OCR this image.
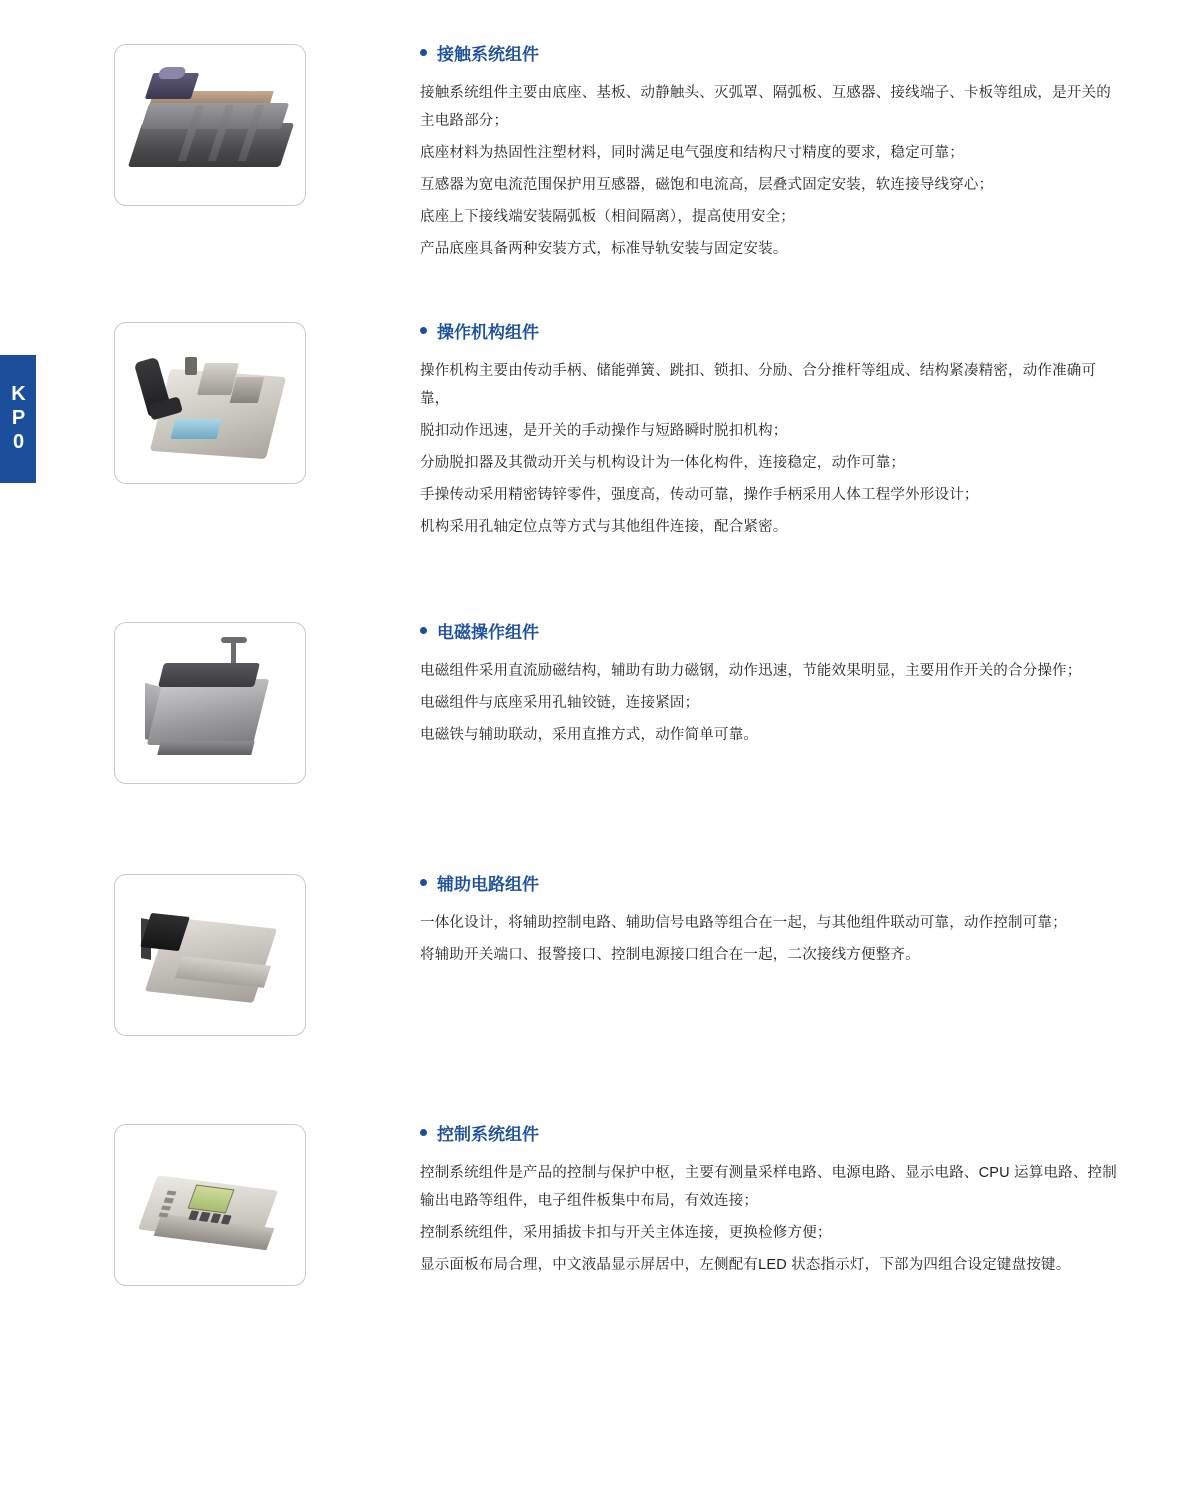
KP0
接触系统组件

接触系统组件主要由底座、基板、动静触头、灭弧罩、隔弧板、互感器、接线端子、卡板等组成，是开关的主电路部分；

底座材料为热固性注塑材料，同时满足电气强度和结构尺寸精度的要求，稳定可靠；

互感器为宽电流范围保护用互感器，磁饱和电流高，层叠式固定安装，软连接导线穿心；

底座上下接线端安装隔弧板（相间隔离），提高使用安全；

产品底座具备两种安装方式，标准导轨安装与固定安装。

操作机构组件

操作机构主要由传动手柄、储能弹簧、跳扣、锁扣、分励、合分推杆等组成、结构紧凑精密，动作准确可靠，

脱扣动作迅速，是开关的手动操作与短路瞬时脱扣机构；

分励脱扣器及其微动开关与机构设计为一体化构件，连接稳定，动作可靠；

手操传动采用精密铸锌零件，强度高，传动可靠，操作手柄采用人体工程学外形设计；

机构采用孔轴定位点等方式与其他组件连接，配合紧密。

电磁操作组件

电磁组件采用直流励磁结构，辅助有助力磁钢，动作迅速，节能效果明显，主要用作开关的合分操作；

电磁组件与底座采用孔轴铰链，连接紧固；

电磁铁与辅助联动，采用直推方式，动作简单可靠。

辅助电路组件

一体化设计，将辅助控制电路、辅助信号电路等组合在一起，与其他组件联动可靠，动作控制可靠；

将辅助开关端口、报警接口、控制电源接口组合在一起，二次接线方便整齐。

控制系统组件

控制系统组件是产品的控制与保护中枢，主要有测量采样电路、电源电路、显示电路、CPU 运算电路、控制输出电路等组件，电子组件板集中布局，有效连接；

控制系统组件，采用插拔卡扣与开关主体连接，更换检修方便；

显示面板布局合理，中文液晶显示屏居中，左侧配有LED 状态指示灯，下部为四组合设定键盘按键。
